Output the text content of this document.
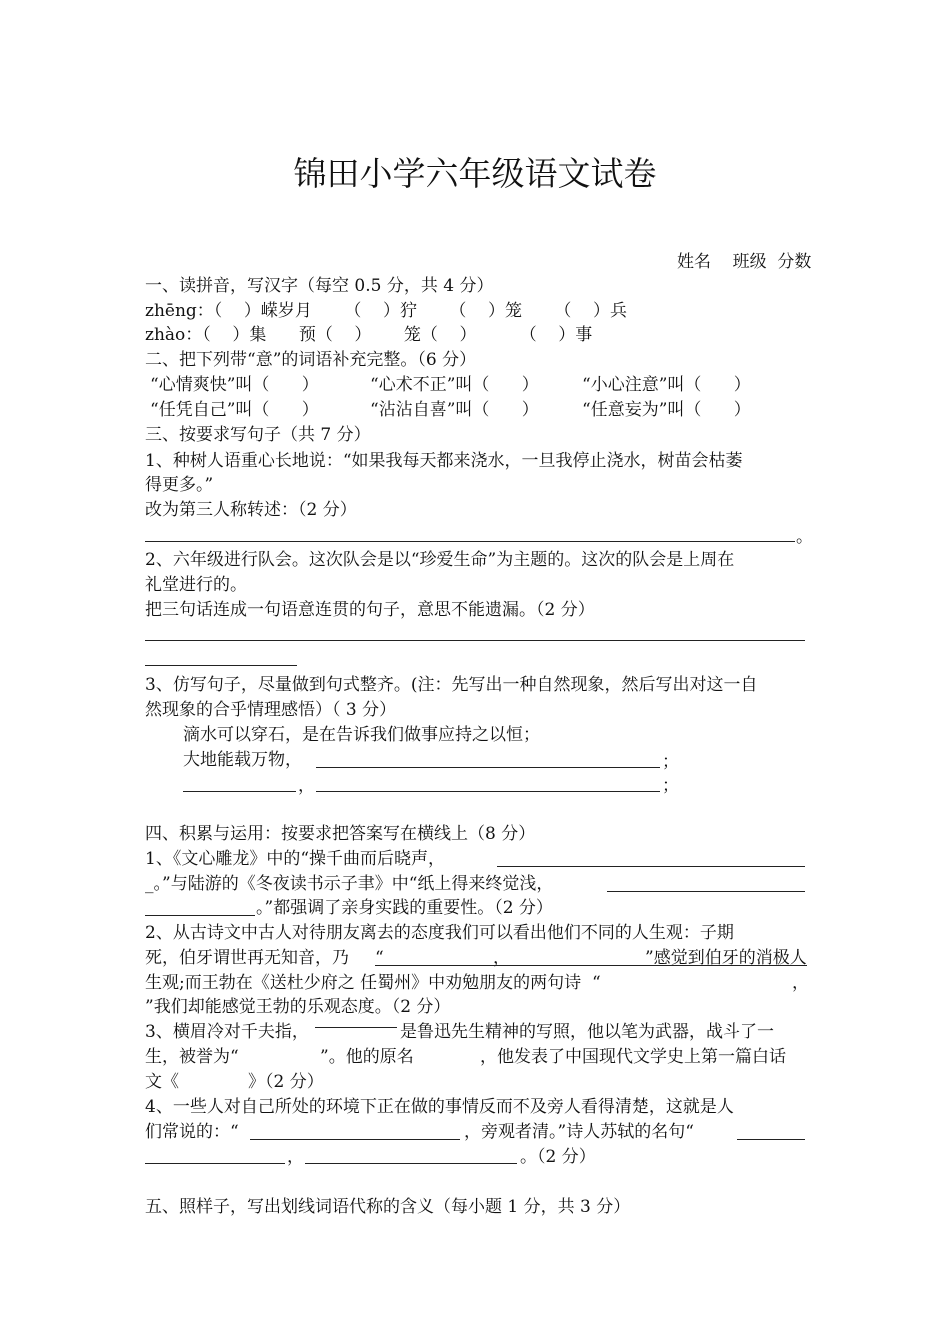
锦田小学六年级语文试卷
姓名    班级  分数
一、读拼音，写汉字（每空 0.5 分，共 4 分）
zhēng：（    ）嵘岁月      （    ）狞      （    ）笼      （    ）兵
zhào：（    ）集      预（    ）      笼（    ）        （    ）事
二、把下列带“意”的词语补充完整。（6 分）
“心情爽快”叫（      ）	“心术不正”叫（      ）	“小心注意”叫（      ）
“任凭自己”叫（      ）	“沾沾自喜”叫（      ）	“任意妄为”叫（      ）
三、按要求写句子（共 7 分）
1、种树人语重心长地说：“如果我每天都来浇水，一旦我停止浇水，树苗会枯萎
得更多。”
改为第三人称转述：（2 分）
。
2、六年级进行队会。这次队会是以“珍爱生命”为主题的。这次的队会是上周在
礼堂进行的。
把三句话连成一句语意连贯的句子，意思不能遗漏。（2 分）
3、仿写句子，尽量做到句式整齐。(注：先写出一种自然现象，然后写出对这一自
然现象的合乎情理感悟）（ 3 分）
滴水可以穿石，是在告诉我们做事应持之以恒；
大地能载万物，	；
，	；
四、积累与运用：按要求把答案写在横线上（8 分）
1、《文心雕龙》中的“操千曲而后晓声，
_。”与陆游的《冬夜读书示子聿》中“纸上得来终觉浅，
。”都强调了亲身实践的重要性。（2 分）
2、从古诗文中古人对待朋友离去的态度我们可以看出他们不同的人生观：子期
死，伯牙谓世再无知音，乃 “	，	”感觉到伯牙的消极人
生观;而王勃在《送杜少府之 任蜀州》中劝勉朋友的两句诗  “	，
”我们却能感觉王勃的乐观态度。（2 分）
3、横眉冷对千夫指，	是鲁迅先生精神的写照，他以笔为武器，战斗了一
生，被誉为“	”。他的原名	，他发表了中国现代文学史上第一篇白话
文《	》（2 分）
4、一些人对自己所处的环境下正在做的事情反而不及旁人看得清楚，这就是人
们常说的：“	，旁观者清。”诗人苏轼的名句“
，	。（2 分）
五、照样子，写出划线词语代称的含义（每小题 1 分，共 3 分）
